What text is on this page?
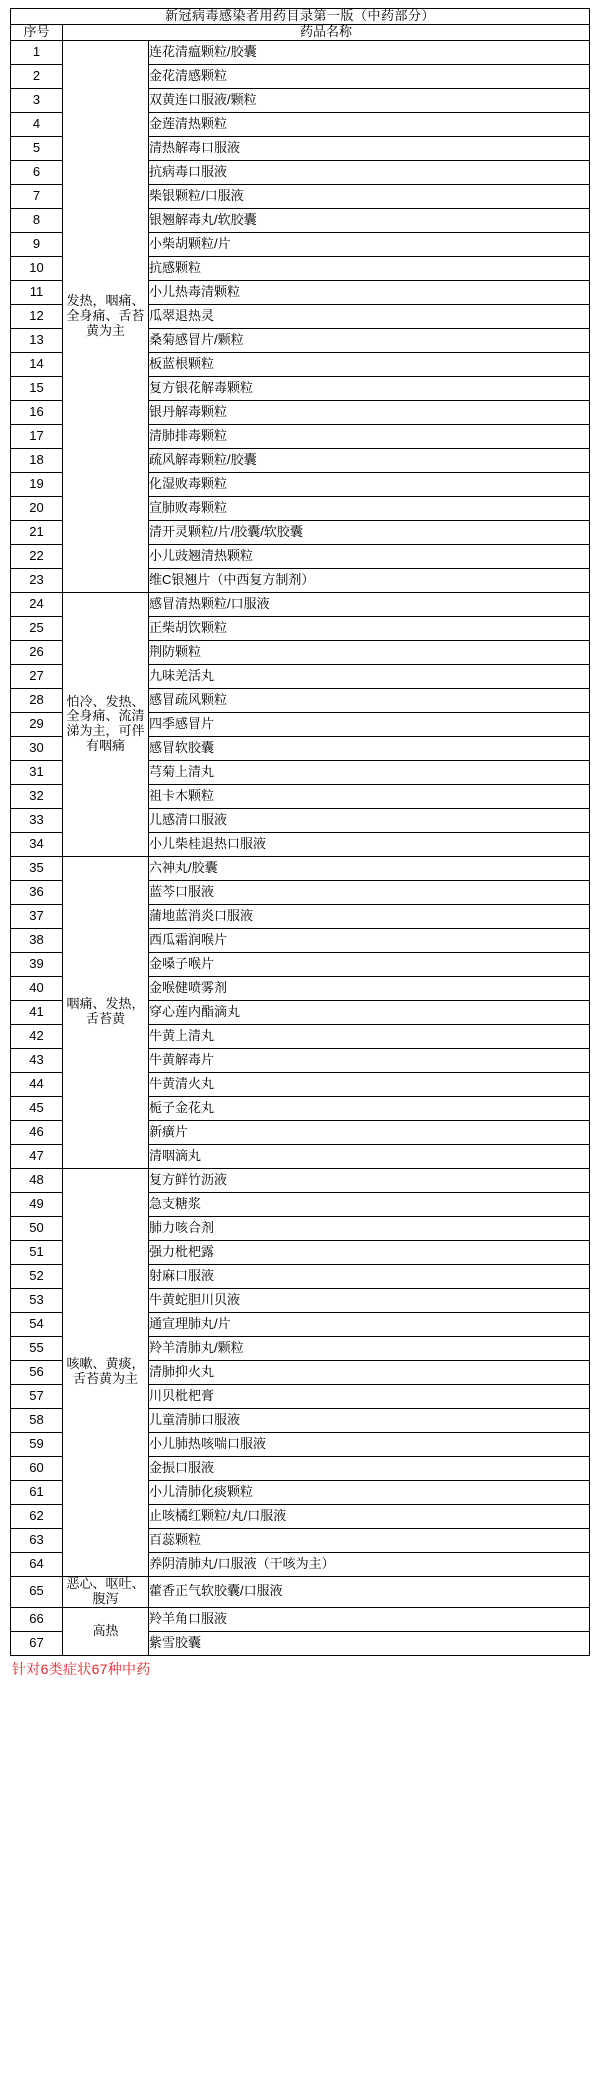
新冠病毒感染者用药目录第一版（中药部分）		
序号	药品名称	
1	发热，咽痛、全身痛、舌苔黄为主	连花清瘟颗粒/胶囊
2		金花清感颗粒
3		双黄连口服液/颗粒
4		金莲清热颗粒
5		清热解毒口服液
6		抗病毒口服液
7		柴银颗粒/口服液
8		银翘解毒丸/软胶囊
9		小柴胡颗粒/片
10		抗感颗粒
11		小儿热毒清颗粒
12		瓜翠退热灵
13		桑菊感冒片/颗粒
14		板蓝根颗粒
15		复方银花解毒颗粒
16		银丹解毒颗粒
17		清肺排毒颗粒
18		疏风解毒颗粒/胶囊
19		化湿败毒颗粒
20		宣肺败毒颗粒
21		清开灵颗粒/片/胶囊/软胶囊
22		小儿豉翘清热颗粒
23		维C银翘片（中西复方制剂）
24	怕冷、发热、全身痛、流清涕为主，可伴有咽痛	感冒清热颗粒/口服液
25		正柴胡饮颗粒
26		荆防颗粒
27		九味羌活丸
28		感冒疏风颗粒
29		四季感冒片
30		感冒软胶囊
31		芎菊上清丸
32		祖卡木颗粒
33		儿感清口服液
34		小儿柴桂退热口服液
35	咽痛、发热，舌苔黄	六神丸/胶囊
36		蓝芩口服液
37		蒲地蓝消炎口服液
38		西瓜霜润喉片
39		金嗓子喉片
40		金喉健喷雾剂
41		穿心莲内酯滴丸
42		牛黄上清丸
43		牛黄解毒片
44		牛黄清火丸
45		栀子金花丸
46		新癀片
47		清咽滴丸
48	咳嗽、黄痰，舌苔黄为主	复方鲜竹沥液
49		急支糖浆
50		肺力咳合剂
51		强力枇杷露
52		射麻口服液
53		牛黄蛇胆川贝液
54		通宣理肺丸/片
55		羚羊清肺丸/颗粒
56		清肺抑火丸
57		川贝枇杷膏
58		儿童清肺口服液
59		小儿肺热咳喘口服液
60		金振口服液
61		小儿清肺化痰颗粒
62		止咳橘红颗粒/丸/口服液
63		百蕊颗粒
64		养阴清肺丸/口服液（干咳为主）
65	恶心、呕吐、腹泻	藿香正气软胶囊/口服液
66	高热	羚羊角口服液
67		紫雪胶囊
针对6类症状67种中药
